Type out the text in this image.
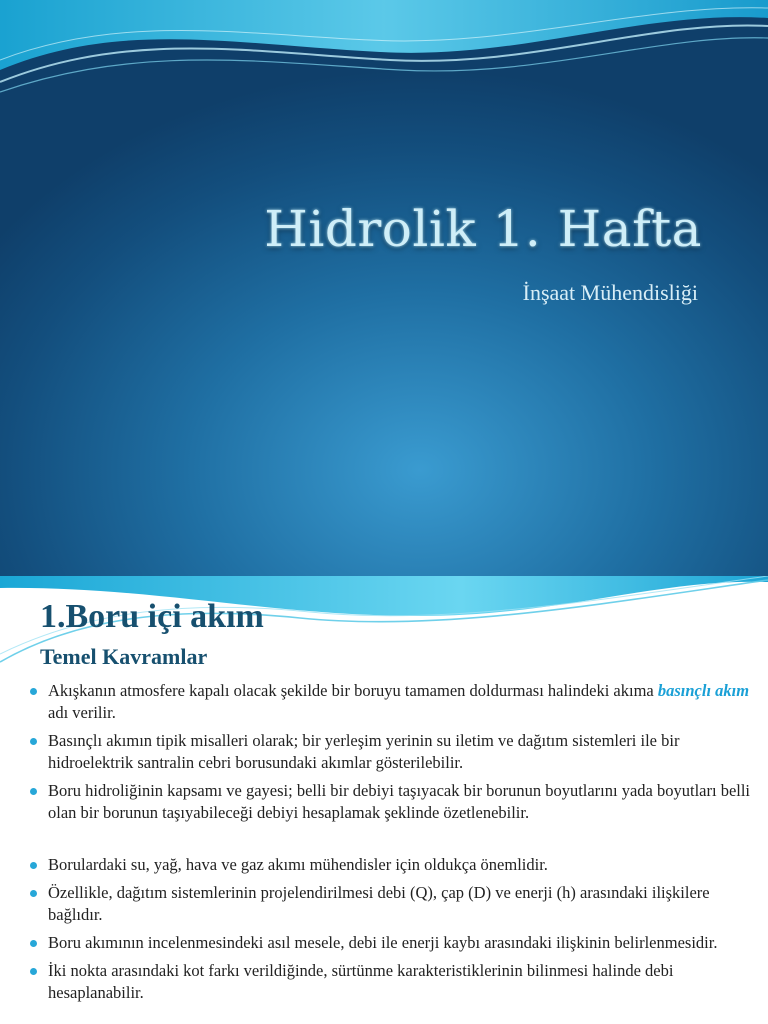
Hidrolik 1. Hafta
İnşaat Mühendisliği
1.Boru içi akım
Temel Kavramlar
Akışkanın atmosfere kapalı olacak şekilde bir boruyu tamamen doldurması halindeki akıma basınçlı akım adı verilir.
Basınçlı akımın tipik misalleri olarak; bir yerleşim yerinin su iletim ve dağıtım sistemleri ile bir hidroelektrik santralin cebri borusundaki akımlar gösterilebilir.
Boru hidroliğinin kapsamı ve gayesi; belli bir debiyi taşıyacak bir borunun boyutlarını yada boyutları belli olan bir borunun taşıyabileceği debiyi hesaplamak şeklinde özetlenebilir.
Borulardaki su, yağ, hava ve gaz akımı mühendisler için oldukça önemlidir.
Özellikle, dağıtım sistemlerinin projelendirilmesi debi (Q), çap (D) ve enerji (h) arasındaki ilişkilere bağlıdır.
Boru akımının incelenmesindeki asıl mesele, debi ile enerji kaybı arasındaki ilişkinin belirlenmesidir.
İki nokta arasındaki kot farkı verildiğinde, sürtünme karakteristiklerinin bilinmesi halinde debi hesaplanabilir.
